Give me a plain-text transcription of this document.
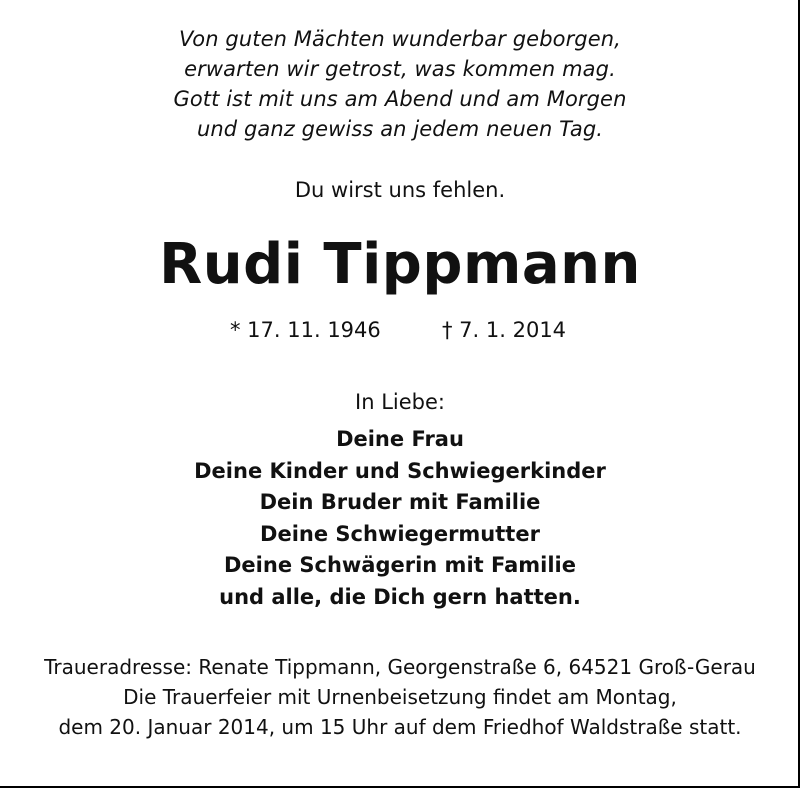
Von guten Mächten wunderbar geborgen,
erwarten wir getrost, was kommen mag.
Gott ist mit uns am Abend und am Morgen
und ganz gewiss an jedem neuen Tag.
Du wirst uns fehlen.
Rudi Tippmann
* 17. 11. 1946	† 7. 1. 2014
In Liebe:
Deine Frau
Deine Kinder und Schwiegerkinder
Dein Bruder mit Familie
Deine Schwiegermutter
Deine Schwägerin mit Familie
und alle, die Dich gern hatten.
Traueradresse: Renate Tippmann, Georgenstraße 6, 64521 Groß-Gerau
Die Trauerfeier mit Urnenbeisetzung findet am Montag,
dem 20. Januar 2014, um 15 Uhr auf dem Friedhof Waldstraße statt.
